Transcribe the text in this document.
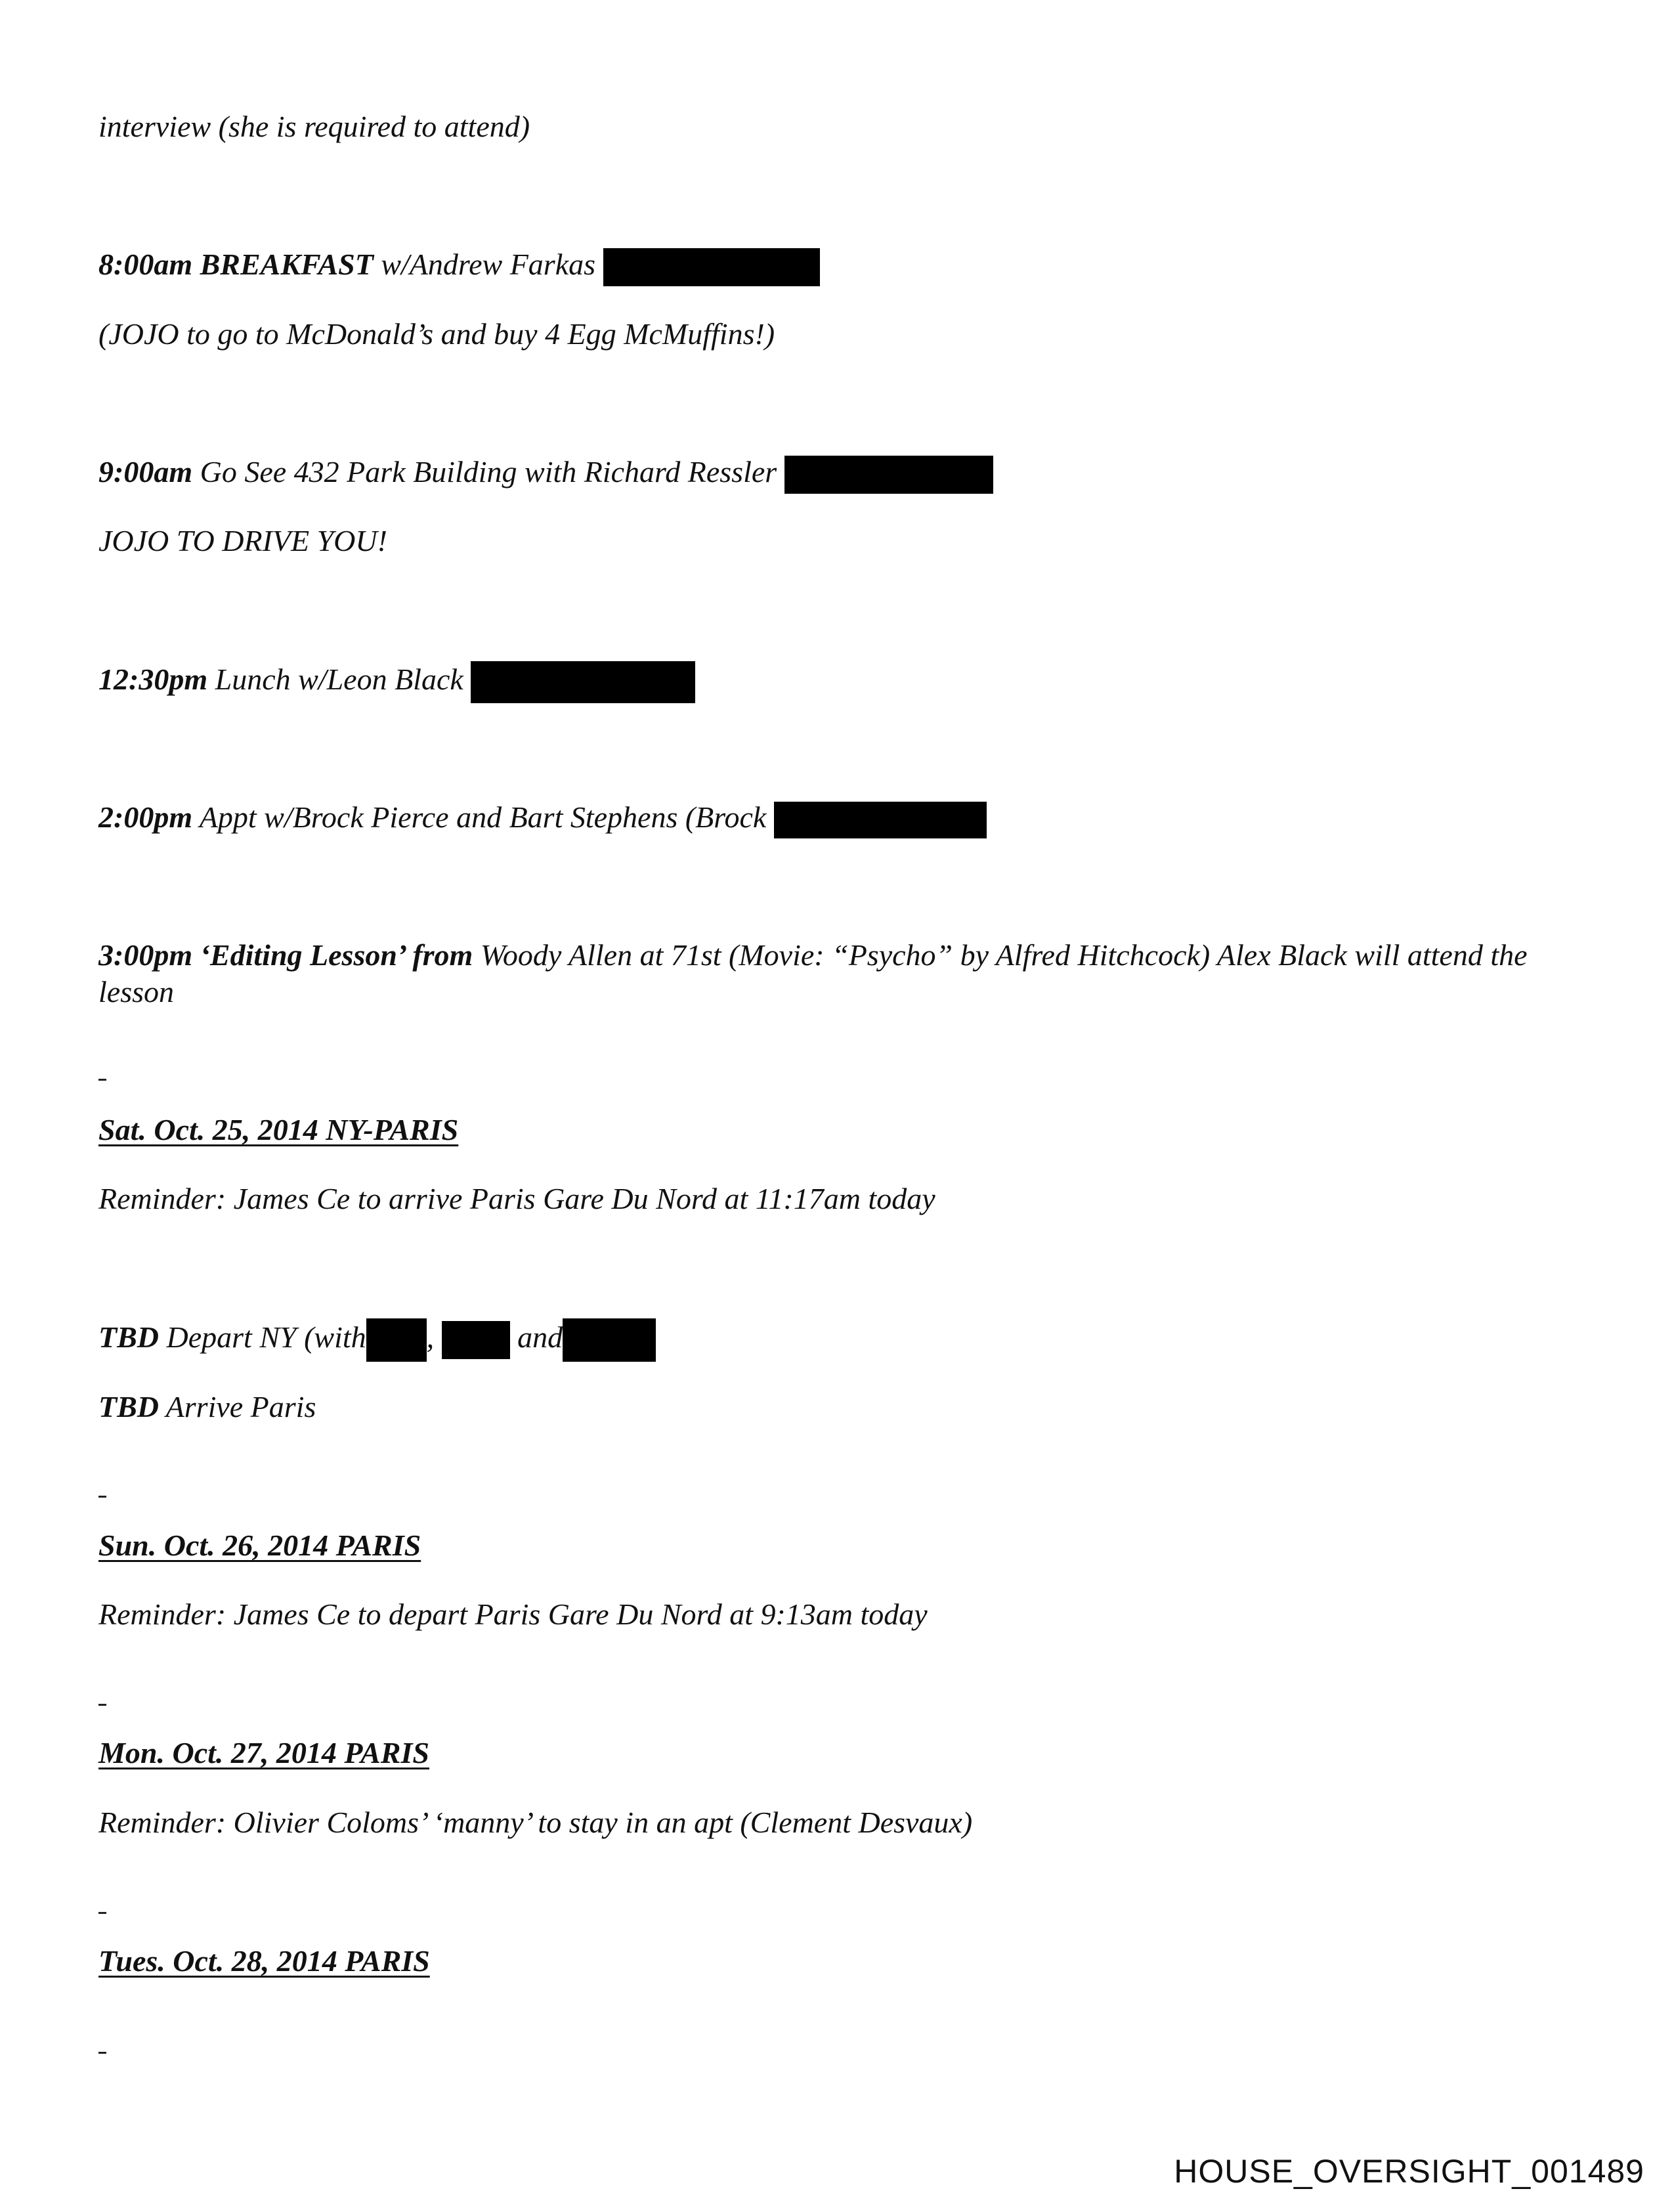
interview (she is required to attend)
8:00am BREAKFAST w/Andrew Farkas
(JOJO to go to McDonald’s and buy 4 Egg McMuffins!)
9:00am Go See 432 Park Building with Richard Ressler
JOJO TO DRIVE YOU!
12:30pm Lunch w/Leon Black
2:00pm Appt w/Brock Pierce and Bart Stephens (Brock
3:00pm ‘Editing Lesson’ from Woody Allen at 71st (Movie: “Psycho” by Alfred Hitchcock) Alex Black will attend the lesson
Sat. Oct. 25, 2014 NY-PARIS
Reminder: James Ce to arrive Paris Gare Du Nord at 11:17am today
TBD Depart NY (with ,  and
TBD Arrive Paris
Sun. Oct. 26, 2014 PARIS
Reminder: James Ce to depart Paris Gare Du Nord at 9:13am today
Mon. Oct. 27, 2014 PARIS
Reminder: Olivier Coloms’ ‘manny’ to stay in an apt (Clement Desvaux)
Tues. Oct. 28, 2014 PARIS
HOUSE_OVERSIGHT_001489
